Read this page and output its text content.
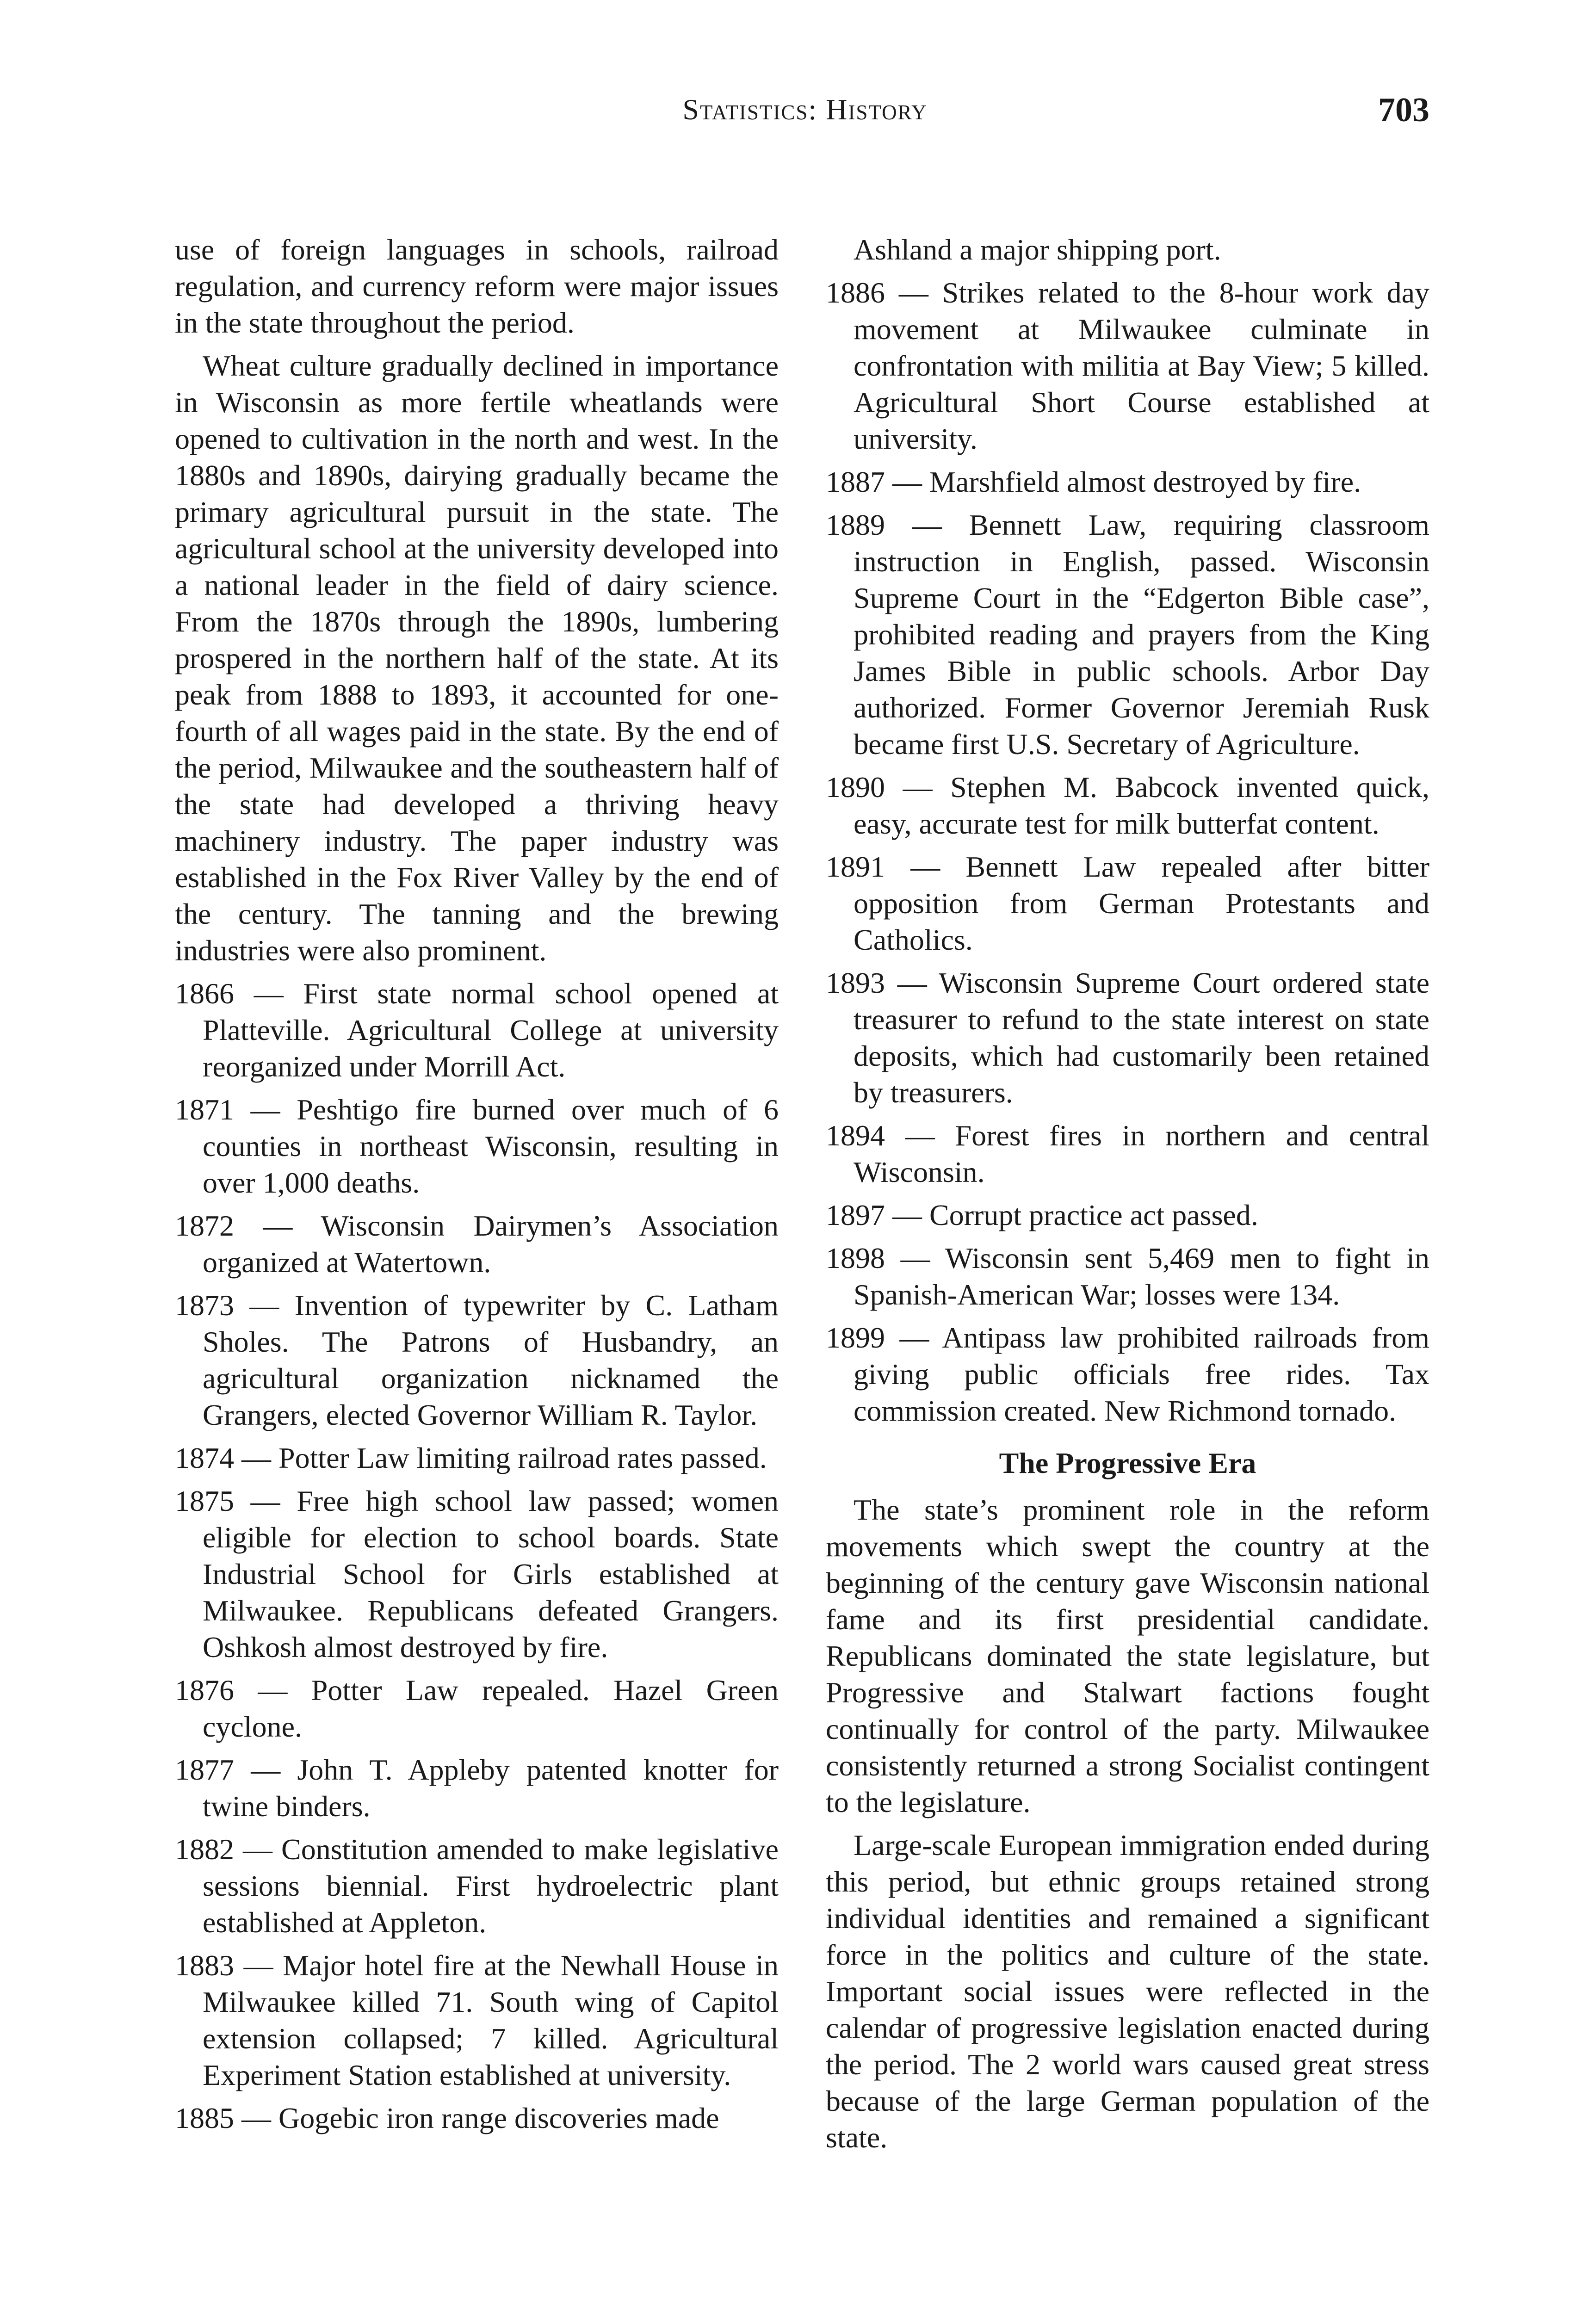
Statistics: History	703

use of foreign languages in schools, railroad regulation, and currency reform were major issues in the state throughout the period.

Wheat culture gradually declined in importance in Wisconsin as more fertile wheatlands were opened to cultivation in the north and west. In the 1880s and 1890s, dairying gradually became the primary agricultural pursuit in the state. The agricultural school at the university developed into a national leader in the field of dairy science. From the 1870s through the 1890s, lumbering prospered in the northern half of the state. At its peak from 1888 to 1893, it accounted for one-fourth of all wages paid in the state. By the end of the period, Milwaukee and the southeastern half of the state had developed a thriving heavy machinery industry. The paper industry was established in the Fox River Valley by the end of the century. The tanning and the brewing industries were also prominent.

1866 — First state normal school opened at Platteville. Agricultural College at university reorganized under Morrill Act.

1871 — Peshtigo fire burned over much of 6 counties in northeast Wisconsin, resulting in over 1,000 deaths.

1872 — Wisconsin Dairymen’s Association organized at Watertown.

1873 — Invention of typewriter by C. Latham Sholes. The Patrons of Husbandry, an agricultural organization nicknamed the Grangers, elected Governor William R. Taylor.

1874 — Potter Law limiting railroad rates passed.

1875 — Free high school law passed; women eligible for election to school boards. State Industrial School for Girls established at Milwaukee. Republicans defeated Grangers. Oshkosh almost destroyed by fire.

1876 — Potter Law repealed. Hazel Green cyclone.

1877 — John T. Appleby patented knotter for twine binders.

1882 — Constitution amended to make legislative sessions biennial. First hydroelectric plant established at Appleton.

1883 — Major hotel fire at the Newhall House in Milwaukee killed 71. South wing of Capitol extension collapsed; 7 killed. Agricultural Experiment Station established at university.

1885 — Gogebic iron range discoveries made

Ashland a major shipping port.

1886 — Strikes related to the 8-hour work day movement at Milwaukee culminate in confrontation with militia at Bay View; 5 killed. Agricultural Short Course established at university.

1887 — Marshfield almost destroyed by fire.

1889 — Bennett Law, requiring classroom instruction in English, passed. Wisconsin Supreme Court in the “Edgerton Bible case”, prohibited reading and prayers from the King James Bible in public schools. Arbor Day authorized. Former Governor Jeremiah Rusk became first U.S. Secretary of Agriculture.

1890 — Stephen M. Babcock invented quick, easy, accurate test for milk butterfat content.

1891 — Bennett Law repealed after bitter opposition from German Protestants and Catholics.

1893 — Wisconsin Supreme Court ordered state treasurer to refund to the state interest on state deposits, which had customarily been retained by treasurers.

1894 — Forest fires in northern and central Wisconsin.

1897 — Corrupt practice act passed.

1898 — Wisconsin sent 5,469 men to fight in Spanish-American War; losses were 134.

1899 — Antipass law prohibited railroads from giving public officials free rides. Tax commission created. New Richmond tornado.

The Progressive Era

The state’s prominent role in the reform movements which swept the country at the beginning of the century gave Wisconsin national fame and its first presidential candidate. Republicans dominated the state legislature, but Progressive and Stalwart factions fought continually for control of the party. Milwaukee consistently returned a strong Socialist contingent to the legislature.

Large-scale European immigration ended during this period, but ethnic groups retained strong individual identities and remained a significant force in the politics and culture of the state. Important social issues were reflected in the calendar of progressive legislation enacted during the period. The 2 world wars caused great stress because of the large German population of the state.
